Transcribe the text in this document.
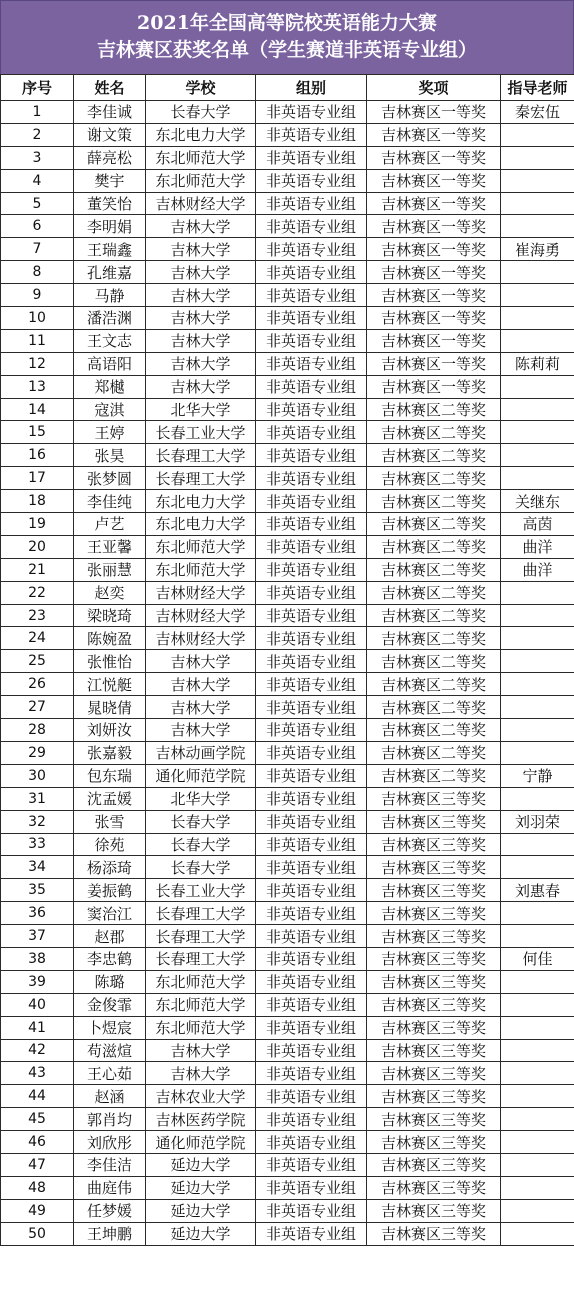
2021年全国高等院校英语能力大赛
吉林赛区获奖名单（学生赛道非英语专业组）
序号	姓名	学校	组别	奖项	指导老师
1	李佳诚	长春大学	非英语专业组	吉林赛区一等奖	秦宏伍
2	谢文策	东北电力大学	非英语专业组	吉林赛区一等奖	
3	薛亮松	东北师范大学	非英语专业组	吉林赛区一等奖	
4	樊宇	东北师范大学	非英语专业组	吉林赛区一等奖	
5	董笑怡	吉林财经大学	非英语专业组	吉林赛区一等奖	
6	李明娟	吉林大学	非英语专业组	吉林赛区一等奖	
7	王瑞鑫	吉林大学	非英语专业组	吉林赛区一等奖	崔海勇
8	孔维嘉	吉林大学	非英语专业组	吉林赛区一等奖	
9	马静	吉林大学	非英语专业组	吉林赛区一等奖	
10	潘浩渊	吉林大学	非英语专业组	吉林赛区一等奖	
11	王文志	吉林大学	非英语专业组	吉林赛区一等奖	
12	高语阳	吉林大学	非英语专业组	吉林赛区一等奖	陈莉莉
13	郑樾	吉林大学	非英语专业组	吉林赛区一等奖	
14	寇淇	北华大学	非英语专业组	吉林赛区二等奖	
15	王婷	长春工业大学	非英语专业组	吉林赛区二等奖	
16	张昊	长春理工大学	非英语专业组	吉林赛区二等奖	
17	张梦圆	长春理工大学	非英语专业组	吉林赛区二等奖	
18	李佳纯	东北电力大学	非英语专业组	吉林赛区二等奖	关继东
19	卢艺	东北电力大学	非英语专业组	吉林赛区二等奖	高茵
20	王亚馨	东北师范大学	非英语专业组	吉林赛区二等奖	曲洋
21	张丽慧	东北师范大学	非英语专业组	吉林赛区二等奖	曲洋
22	赵奕	吉林财经大学	非英语专业组	吉林赛区二等奖	
23	梁晓琦	吉林财经大学	非英语专业组	吉林赛区二等奖	
24	陈婉盈	吉林财经大学	非英语专业组	吉林赛区二等奖	
25	张惟怡	吉林大学	非英语专业组	吉林赛区二等奖	
26	江悦艇	吉林大学	非英语专业组	吉林赛区二等奖	
27	晁晓倩	吉林大学	非英语专业组	吉林赛区二等奖	
28	刘妍汝	吉林大学	非英语专业组	吉林赛区二等奖	
29	张嘉毅	吉林动画学院	非英语专业组	吉林赛区二等奖	
30	包东瑞	通化师范学院	非英语专业组	吉林赛区二等奖	宁静
31	沈孟媛	北华大学	非英语专业组	吉林赛区三等奖	
32	张雪	长春大学	非英语专业组	吉林赛区三等奖	刘羽荣
33	徐苑	长春大学	非英语专业组	吉林赛区三等奖	
34	杨添琦	长春大学	非英语专业组	吉林赛区三等奖	
35	姜振鹤	长春工业大学	非英语专业组	吉林赛区三等奖	刘惠春
36	窦治江	长春理工大学	非英语专业组	吉林赛区三等奖	
37	赵郡	长春理工大学	非英语专业组	吉林赛区三等奖	
38	李忠鹤	长春理工大学	非英语专业组	吉林赛区三等奖	何佳
39	陈璐	东北师范大学	非英语专业组	吉林赛区三等奖	
40	金俊霏	东北师范大学	非英语专业组	吉林赛区三等奖	
41	卜煜宸	东北师范大学	非英语专业组	吉林赛区三等奖	
42	苟滋煊	吉林大学	非英语专业组	吉林赛区三等奖	
43	王心茹	吉林大学	非英语专业组	吉林赛区三等奖	
44	赵涵	吉林农业大学	非英语专业组	吉林赛区三等奖	
45	郭肖均	吉林医药学院	非英语专业组	吉林赛区三等奖	
46	刘欣彤	通化师范学院	非英语专业组	吉林赛区三等奖	
47	李佳洁	延边大学	非英语专业组	吉林赛区三等奖	
48	曲庭伟	延边大学	非英语专业组	吉林赛区三等奖	
49	任梦媛	延边大学	非英语专业组	吉林赛区三等奖	
50	王坤鹏	延边大学	非英语专业组	吉林赛区三等奖	
